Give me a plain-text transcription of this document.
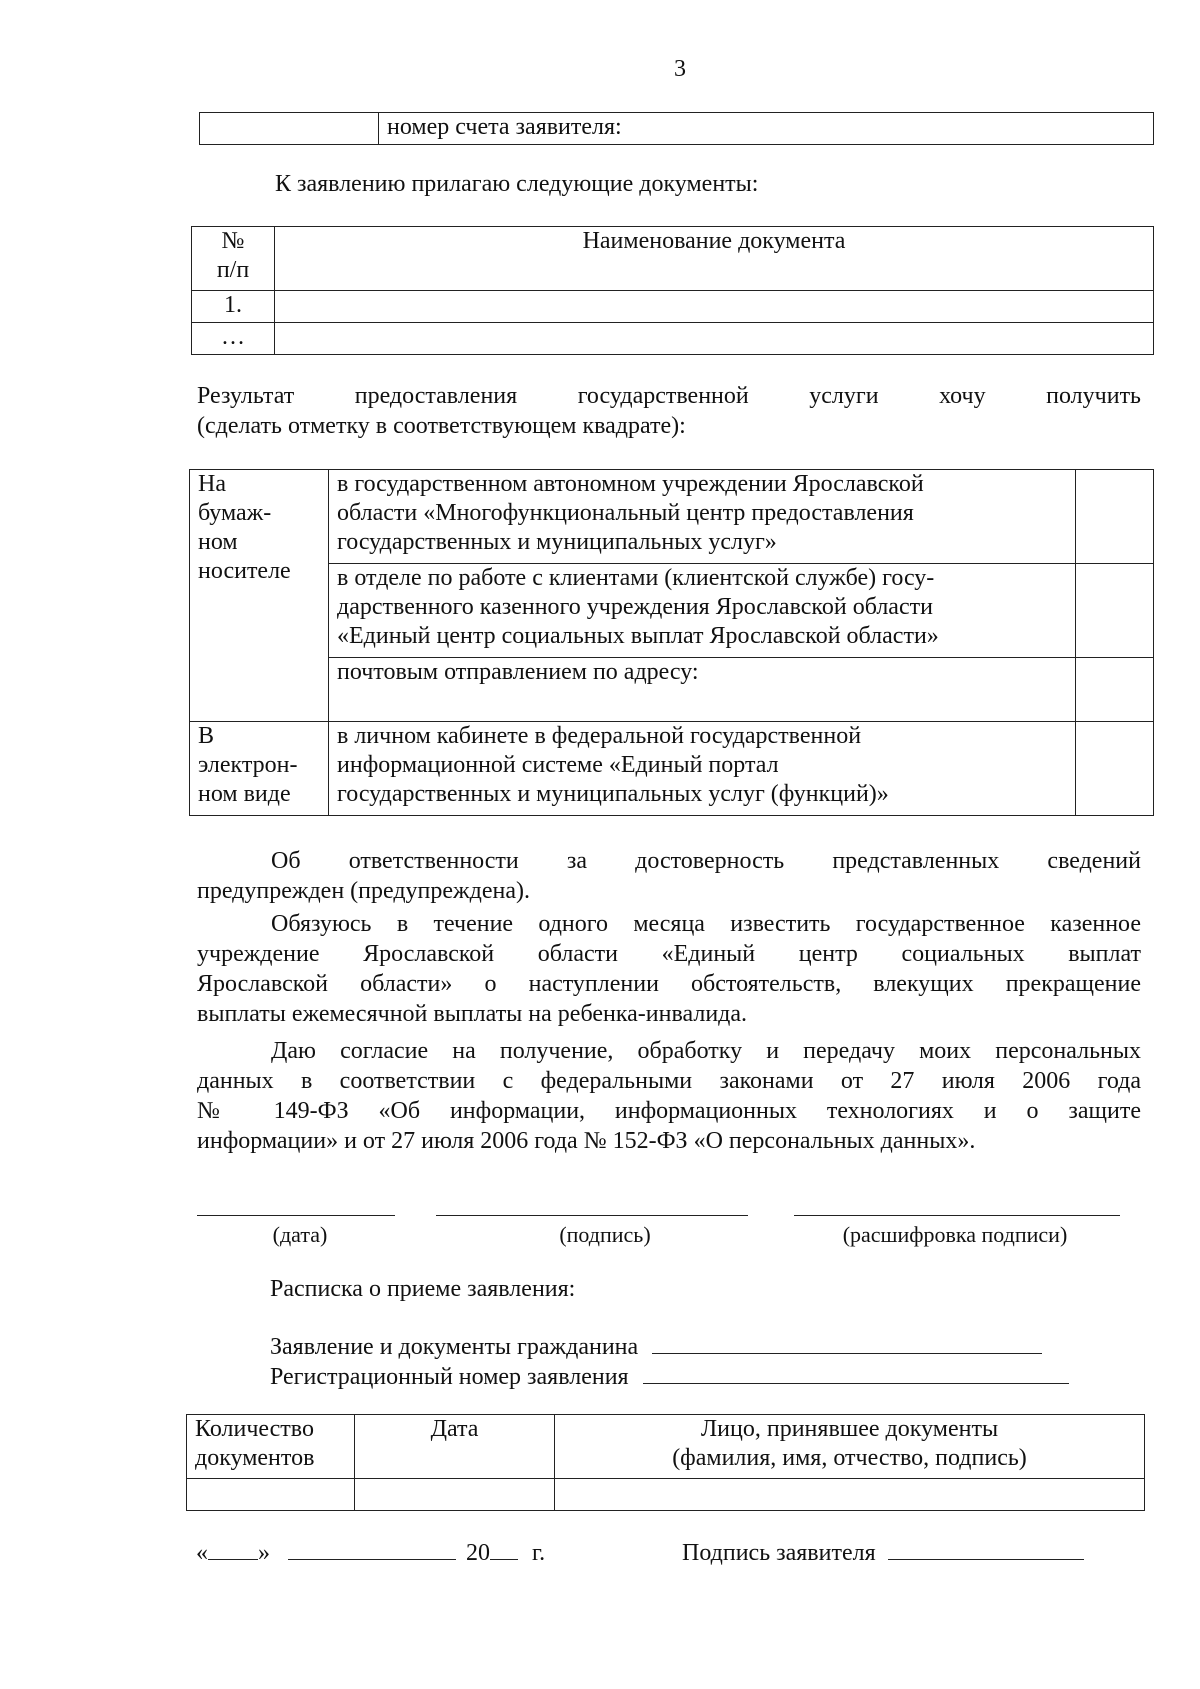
3
	номер счета заявителя:
К заявлению прилагаю следующие документы:
№
п/п	Наименование документа
1.	
…	
Результат предоставления государственной услуги хочу получить
(сделать отметку в соответствующем квадрате):
На
бумаж-
ном
носителе	в государственном автономном учреждении Ярославской
области «Многофункциональный центр предоставления
государственных и муниципальных услуг»	

	в отделе по работе с клиентами (клиентской службе) госу-
дарственного казенного учреждения Ярославской области
«Единый центр социальных выплат Ярославской области»	

	почтовым отправлением по адресу:	

В
электрон-
ном виде	в личном кабинете в федеральной государственной
информационной системе «Единый портал
государственных и муниципальных услуг (функций)»	

Об ответственности за достоверность представленных сведений
предупрежден (предупреждена).
Обязуюсь в течение одного месяца известить государственное казенное
учреждение Ярославской области «Единый центр социальных выплат
Ярославской области» о наступлении обстоятельств, влекущих прекращение
выплаты ежемесячной выплаты на ребенка-инвалида.
Даю согласие на получение, обработку и передачу моих персональных
данных в соответствии с федеральными законами от 27 июля 2006 года
№ 149-ФЗ «Об информации, информационных технологиях и о защите
информации» и от 27 июля 2006 года № 152-ФЗ «О персональных данных».
(дата)	(подпись)	(расшифровка подписи)
Расписка о приеме заявления:
Заявление и документы гражданина
Регистрационный номер заявления
Количество
документов	Дата	Лицо, принявшее документы
(фамилия, имя, отчество, подпись)

« »	20 г.	Подпись заявителя
